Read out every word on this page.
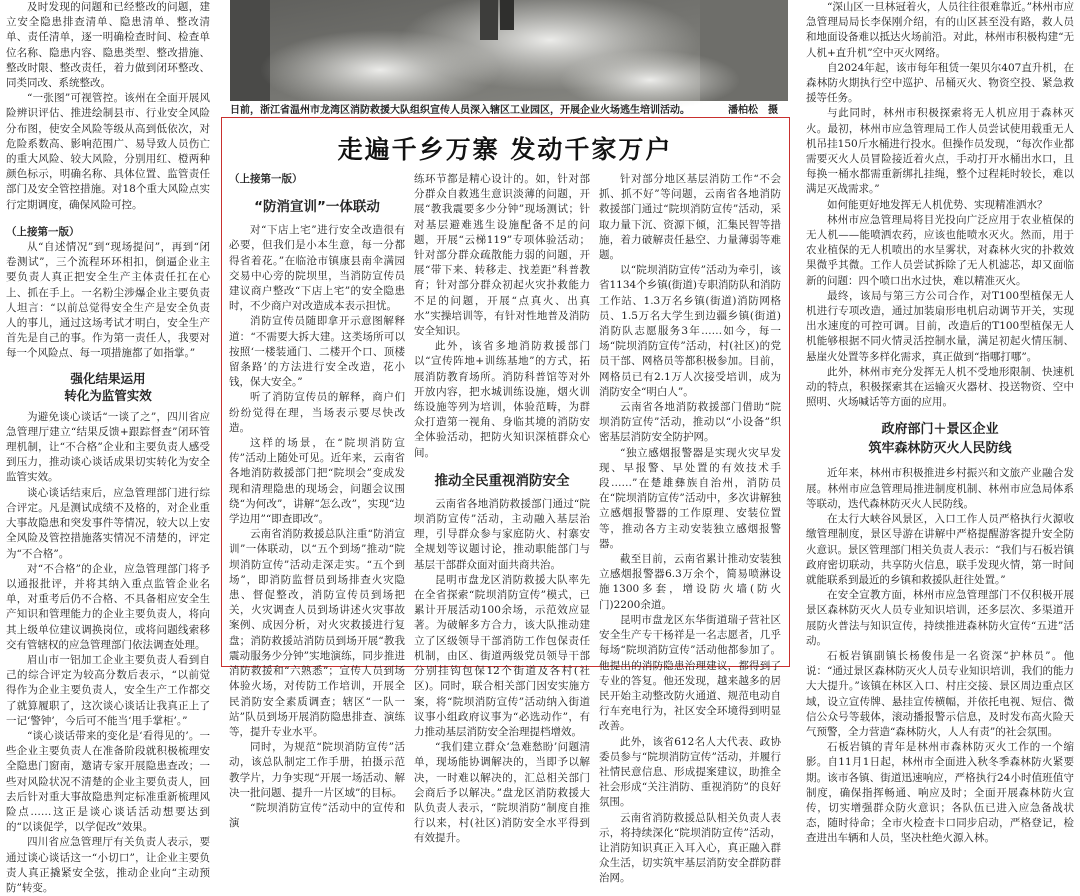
及时发现的问题和已经整改的问题，建立安全隐患排查清单、隐患清单、整改清单、责任清单，逐一明确检查时间、检查单位名称、隐患内容、隐患类型、整改措施、整改时限、整改责任，着力做到闭环整改、同类同改、系统整改。

“一张图”可视管控。该州在全面开展风险辨识评估、推进绘制县市、行业安全风险分布图，使安全风险等级从高到低依次，对危险系数高、影响范围广、易导致人员伤亡的重大风险、较大风险，分别用红、橙两种颜色标示，明确名称、具体位置、监管责任部门及安全管控措施。对18个重大风险点实行定期调度，确保风险可控。

（上接第一版）

从“自述情况”到“现场提问”，再到“闭卷测试”，三个流程环环相扣，倒逼企业主要负责人真正把安全生产主体责任扛在心上、抓在手上。一名粉尘涉爆企业主要负责人坦言：“以前总觉得安全生产是安全负责人的事儿，通过这场考试才明白，安全生产首先是自己的事。作为第一责任人，我要对每一个风险点、每一项措施都了如指掌。”

强化结果运用
转化为监管实效

为避免谈心谈话“一谈了之”，四川省应急管理厅建立“结果反馈+跟踪督查”闭环管理机制，让“不合格”企业和主要负责人感受到压力，推动谈心谈话成果切实转化为安全监管实效。

谈心谈话结束后，应急管理部门进行综合评定。凡是测试成绩不及格的，对企业重大事故隐患和突发事件等情况，较大以上安全风险及管控措施落实情况不清楚的，评定为“不合格”。

对“不合格”的企业，应急管理部门将予以通报批评，并将其纳入重点监管企业名单，对重考后仍不合格、不具备相应安全生产知识和管理能力的企业主要负责人，将向其上级单位建议调换岗位，或将问题线索移交有管辖权的应急管理部门依法调查处理。

眉山市一铝加工企业主要负责人看到自己的综合评定为较高分数后表示，“以前觉得作为企业主要负责人，安全生产工作都交了就算履职了，这次谈心谈话让我真正上了一记‘警钟’，今后可不能当‘甩手掌柜’。”

“谈心谈话带来的变化是‘看得见的’。一些企业主要负责人在准备阶段就积极梳理安全隐患门窗南，邀请专家开展隐患查改；一些对风险状况不清楚的企业主要负责人，回去后针对重大事故隐患判定标准重新梳理风险点……这正是谈心谈话活动想要达到的“以谈促学，以学促改”效果。

四川省应急管理厅有关负责人表示，要通过谈心谈话这一“小切口”，让企业主要负责人真正撬紧安全弦，推动企业向“主动预防”转变。

日前，浙江省温州市龙湾区消防救援大队组织宣传人员深入辖区工业园区，开展企业火场逃生培训活动。	潘柏松　摄
走遍千乡万寨 发动千家万户

（上接第一版）

“防消宣训”一体联动

对“下店上宅”进行安全改造很有必要，但我们是小本生意，每一分都得省着花。”在临沧市镇康县南伞满园交易中心旁的院坝里，当消防宣传员建议商户整改“下店上宅”的安全隐患时，不少商户对改造成本表示担忧。

消防宣传员随即拿开示意图解释道：“不需要大拆大建。这类场所可以按照‘一楼装通门、二楼开个口、顶楼留条路’的方法进行安全改造，花小钱，保大安全。”

听了消防宣传员的解释，商户们纷纷觉得在理，当场表示要尽快改造。

这样的场景，在“院坝消防宣传”活动上随处可见。近年来，云南省各地消防救援部门把“院坝会”变成发现和清理隐患的现场会，问题会议围绕“为何改”，讲解“怎么改”，实现“边学边用”“即查即改”。

云南省消防救援总队注重“防消宣训”一体联动，以“五个到场”推动“院坝消防宣传”活动走深走实。“五个到场”，即消防监督员到场排查火灾隐患、督促整改，消防宣传员到场把关，火灾调查人员到场讲述火灾事故案例、成因分析，对火灾救援进行复盘；消防救援站消防员到场开展“教我震动服务少分钟”实地演练，同步推进消防救援和“六熟悉”；宣传人员到场体验火场，对传防工作培训，开展全民消防安全素质调查；辖区“一队一站”队员到场开展消防隐患排查、演练等，提升专业水平。

同时，为规范“院坝消防宣传”活动，该总队制定工作手册，拍摄示范教学片，力争实现“开展一场活动、解决一批问题、提升一片区域”的目标。

“院坝消防宣传”活动中的宣传和演

练环节都是精心设计的。如，针对部分群众自救逃生意识淡薄的问题，开展“教我震要多少分钟”现场测试；针对基层避难逃生设施配备不足的问题，开展“云梯119”专项体验活动；针对部分群众疏散能力弱的问题，开展“带下来、转移走、找差距”科普教育；针对部分群众初起火灾扑救能力不足的问题，开展“点真火、出真水”实操培训等，有针对性地普及消防安全知识。

此外，该省多地消防救援部门以“宣传阵地+训练基地”的方式，拓展消防教育场所。消防科普馆等对外开放内容，把水城训练设施，烟火训练设施等列为培训，体验范畴，为群众打造第一视角、身临其境的消防安全体验活动，把防火知识深植群众心间。

推动全民重视消防安全

云南省各地消防救援部门通过“院坝消防宣传”活动，主动融入基层治理，引导群众参与家庭防火、村寨安全规划等议题讨论，推动职能部门与基层干部群众面对面共商共治。

昆明市盘龙区消防救援大队率先在全省探索“院坝消防宣传”模式，已累计开展活动100余场，示范效应显著。为破解多方合力，该大队推动建立了区级领导干部消防工作包保责任机制，由区、街道两级党员领导干部分别挂钩包保12个街道及各村(社区)。同时，联合相关部门因安实施方案，将“院坝消防宣传”活动纳入街道议事小组政府议事为“必选动作”，有力推动基层消防安全治理提档增效。

“我们建立群众‘急难愁盼’问题清单，现场能协调解决的，当即予以解决，一时难以解决的，汇总相关部门会商后予以解决。”盘龙区消防救援大队负责人表示，“院坝消防”制度自推行以来，村(社区)消防安全水平得到有效提升。

针对部分地区基层消防工作“不会抓、抓不好”等问题，云南省各地消防救援部门通过“院坝消防宣传”活动，采取力量下沉、资源下倾，汇集民智等措施，着力破解责任悬空、力量薄弱等难题。

以“院坝消防宣传”活动为牵引，该省1134个乡镇(街道)专职消防队和消防工作站、1.3万名乡镇(街道)消防网格员、1.5万名大学生到边疆乡镇(街道)消防队志愿服务3年……如今，每一场“院坝消防宣传”活动，村(社区)的党员干部、网格员等都积极参加。目前，网格员已有2.1万人次接受培训，成为消防安全“明白人”。

云南省各地消防救援部门借助“院坝消防宣传”活动，推动以“小设备”织密基层消防安全防护网。

“独立感烟报警器是实现火灾早发现、早报警、早处置的有效技术手段……”在楚雄彝族自治州，消防员在“院坝消防宣传”活动中，多次讲解独立感烟报警器的工作原理、安装位置等，推动各方主动安装独立感烟报警器。

截至目前，云南省累计推动安装独立感烟报警器6.3万余个，简易喷淋设施1300多套，增设防火墙(防火门)2200余道。

昆明市盘龙区东华街道瑞子营社区安全生产专干杨祥是一名志愿者，几乎每场“院坝消防宣传”活动他都参加了。他提出的消防隐患治理建议，都得到了专业的答复。他还发现，越来越多的居民开始主动整改防火通道、规范电动自行车充电行为，社区安全环境得到明显改善。

此外，该省612名人大代表、政协委员参与“院坝消防宣传”活动，并履行社情民意信息、形成提案建议，助推全社会形成“关注消防、重视消防”的良好氛围。

云南省消防救援总队相关负责人表示，将持续深化“院坝消防宣传”活动，让消防知识真正入耳入心，真正融入群众生活，切实筑牢基层消防安全群防群治网。

“深山区一旦林冠着火，人员往往很难靠近。”林州市应急管理局局长李保刚介绍，有的山区甚至没有路，救人员和地面设备难以抵达火场前沿。对此，林州市积极构建“无人机+直升机”空中灭火网络。

自2024年起，该市每年租赁一架贝尔407直升机，在森林防火期执行空中巡护、吊桶灭火、物资空投、紧急救援等任务。

与此同时，林州市积极探索将无人机应用于森林灭火。最初，林州市应急管理局工作人员尝试使用载重无人机吊挂150斤水桶进行投水。但操作员发现，“每次作业都需要灭火人员冒险接近着火点，手动打开水桶出水口，且每换一桶水都需重新绑扎挂绳，整个过程耗时较长，难以满足灭战需求。”

如何能更好地发挥无人机优势、实现精准洒水？

林州市应急管理局将目光投向广泛应用于农业植保的无人机——能喷洒农药，应该也能喷水灭火。然而，用于农业植保的无人机喷出的水呈雾状，对森林火灾的扑救效果微乎其微。工作人员尝试拆除了无人机滤芯，却又面临新的问题：四个喷口出水过快，难以精准灭火。

最终，该局与第三方公司合作，对T100型植保无人机进行专项改造，通过加装扇形电机启动调节开关，实现出水速度的可控可调。目前，改造后的T100型植保无人机能够根据不同火情灵活控制水量，满足初起火情压制、悬崖火处置等多样化需求，真正做到“指哪打哪”。

此外，林州市充分发挥无人机不受地形限制、快速机动的特点，积极探索其在运输灭火器材、投送物资、空中照明、火场喊话等方面的应用。

政府部门＋景区企业
筑牢森林防灭火人民防线

近年来，林州市积极推进乡村振兴和文旅产业融合发展。林州市应急管理局推进制度机制、林州市应急局体系等联动，迭代森林防灭火人民防线。

在太行大峡谷风景区，入口工作人员严格执行火源收缴管理制度，景区导游在讲解中严格提醒游客提升安全防火意识。景区管理部门相关负责人表示：“我们与石板岩镇政府密切联动，共享防火信息，联手发现火情，第一时间就能联系到最近的乡镇和救援队赶往处置。”

在安全宣教方面，林州市应急管理部门不仅积极开展景区森林防灭火人员专业知识培训，还多层次、多渠道开展防火普法与知识宣传，持续推进森林防火宣传“五进”活动。

石板岩镇副镇长杨俊伟是一名资深“护林员”。他说：“通过景区森林防灭火人员专业知识培训，我们的能力大大提升。”该镇在林区入口、村庄交接、景区周边重点区域，设立宣传牌、悬挂宣传横幅，并依托电视、短信、微信公众号等载体，滚动播报警示信息，及时发布高火险天气预警，全力营造“森林防火，人人有责”的社会氛围。

石板岩镇的青年是林州市森林防灭火工作的一个缩影。自11月1日起，林州市全面进入秋冬季森林防火紧要期。该市各镇、街道迅速响应，严格执行24小时值班值守制度，确保指挥畅通、响应及时；全面开展森林防火宣传，切实增强群众防火意识；各队伍已进入应急备战状态，随时待命；全市火检查卡口同步启动，严格登记，检查进出车辆和人员，坚决杜绝火源入林。
